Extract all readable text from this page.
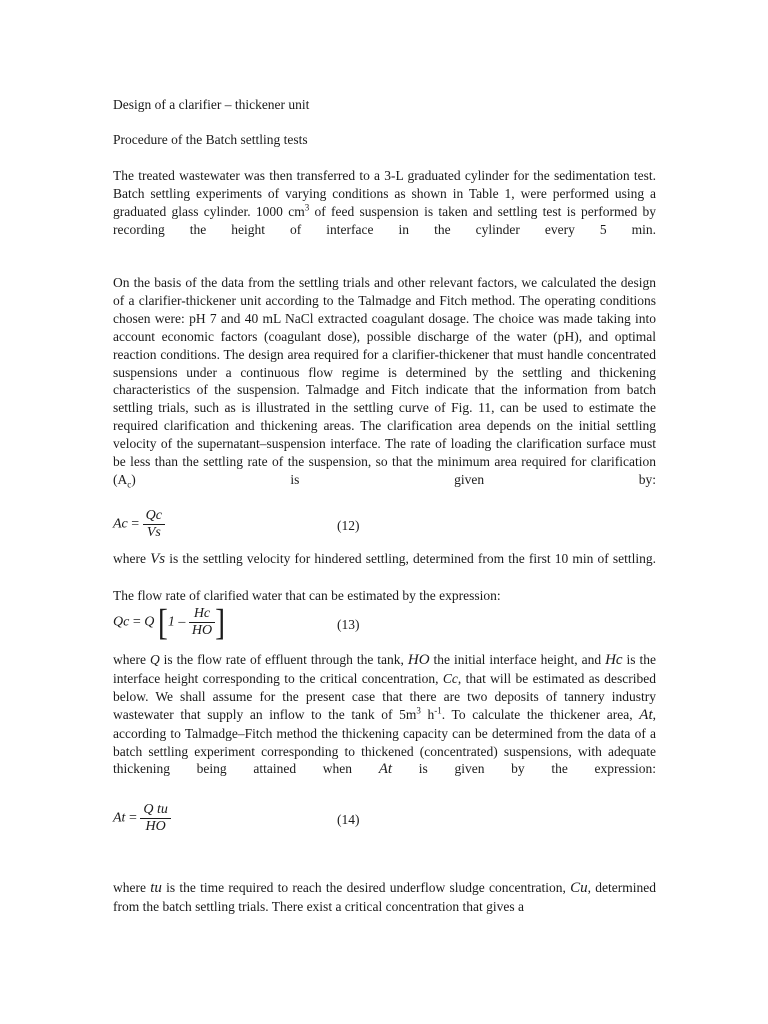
Design of a clarifier – thickener unit
Procedure of the Batch settling tests
The treated wastewater was then transferred to a 3-L graduated cylinder for the sedimentation test. Batch settling experiments of varying conditions as shown in Table 1, were performed using a graduated glass cylinder. 1000 $cm^3$ of feed suspension is taken and settling test is performed by recording the height of interface in the cylinder every 5 min.
On the basis of the data from the settling trials and other relevant factors, we calculated the design of a clarifier-thickener unit according to the Talmadge and Fitch method. The operating conditions chosen were: pH 7 and 40 mL NaCl extracted coagulant dosage. The choice was made taking into account economic factors (coagulant dose), possible discharge of the water (pH), and optimal reaction conditions. The design area required for a clarifier-thickener that must handle concentrated suspensions under a continuous flow regime is determined by the settling and thickening characteristics of the suspension. Talmadge and Fitch indicate that the information from batch settling trials, such as is illustrated in the settling curve of Fig. 11, can be used to estimate the required clarification and thickening areas. The clarification area depends on the initial settling velocity of the supernatant–suspension interface. The rate of loading the clarification surface must be less than the settling rate of the suspension, so that the minimum area required for clarification $(A_c)$ is given by:
$Ac = \frac{Qc}{Vs}$	(12)
where Vs is the settling velocity for hindered settling, determined from the first 10 min of settling.
The flow rate of clarified water that can be estimated by the expression:
Qc = Q [$1 - \frac{Hc}{HO}$ ]	(13)
where Q is the flow rate of effluent through the tank, HO the initial interface height, and Hc is the interface height corresponding to the critical concentration, Cc, that will be estimated as described below. We shall assume for the present case that there are two deposits of tannery industry wastewater that supply an inflow to the tank of $5m^3$ $h^{-1}$. To calculate the thickener area, At, according to Talmadge–Fitch method the thickening capacity can be determined from the data of a batch settling experiment corresponding to thickened (concentrated) suspensions, with adequate thickening being attained when At is given by the expression:
$At = \frac{\text{Q tu}}{HO}$	(14)
where tu is the time required to reach the desired underflow sludge concentration, Cu, determined from the batch settling trials. There exist a critical concentration that gives a
